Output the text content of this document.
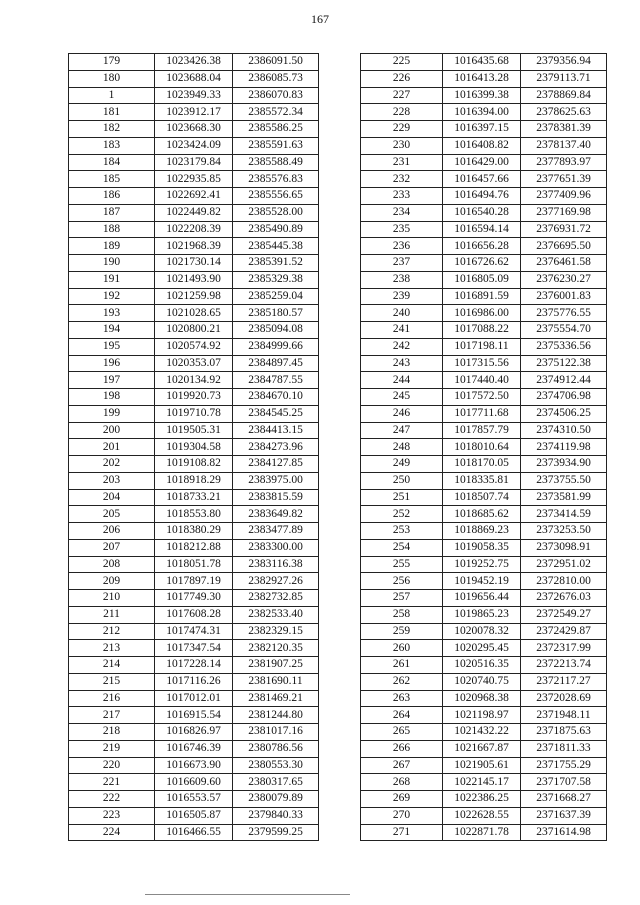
167
179	1023426.38	2386091.50
180	1023688.04	2386085.73
1	1023949.33	2386070.83
181	1023912.17	2385572.34
182	1023668.30	2385586.25
183	1023424.09	2385591.63
184	1023179.84	2385588.49
185	1022935.85	2385576.83
186	1022692.41	2385556.65
187	1022449.82	2385528.00
188	1022208.39	2385490.89
189	1021968.39	2385445.38
190	1021730.14	2385391.52
191	1021493.90	2385329.38
192	1021259.98	2385259.04
193	1021028.65	2385180.57
194	1020800.21	2385094.08
195	1020574.92	2384999.66
196	1020353.07	2384897.45
197	1020134.92	2384787.55
198	1019920.73	2384670.10
199	1019710.78	2384545.25
200	1019505.31	2384413.15
201	1019304.58	2384273.96
202	1019108.82	2384127.85
203	1018918.29	2383975.00
204	1018733.21	2383815.59
205	1018553.80	2383649.82
206	1018380.29	2383477.89
207	1018212.88	2383300.00
208	1018051.78	2383116.38
209	1017897.19	2382927.26
210	1017749.30	2382732.85
211	1017608.28	2382533.40
212	1017474.31	2382329.15
213	1017347.54	2382120.35
214	1017228.14	2381907.25
215	1017116.26	2381690.11
216	1017012.01	2381469.21
217	1016915.54	2381244.80
218	1016826.97	2381017.16
219	1016746.39	2380786.56
220	1016673.90	2380553.30
221	1016609.60	2380317.65
222	1016553.57	2380079.89
223	1016505.87	2379840.33
224	1016466.55	2379599.25
225	1016435.68	2379356.94
226	1016413.28	2379113.71
227	1016399.38	2378869.84
228	1016394.00	2378625.63
229	1016397.15	2378381.39
230	1016408.82	2378137.40
231	1016429.00	2377893.97
232	1016457.66	2377651.39
233	1016494.76	2377409.96
234	1016540.28	2377169.98
235	1016594.14	2376931.72
236	1016656.28	2376695.50
237	1016726.62	2376461.58
238	1016805.09	2376230.27
239	1016891.59	2376001.83
240	1016986.00	2375776.55
241	1017088.22	2375554.70
242	1017198.11	2375336.56
243	1017315.56	2375122.38
244	1017440.40	2374912.44
245	1017572.50	2374706.98
246	1017711.68	2374506.25
247	1017857.79	2374310.50
248	1018010.64	2374119.98
249	1018170.05	2373934.90
250	1018335.81	2373755.50
251	1018507.74	2373581.99
252	1018685.62	2373414.59
253	1018869.23	2373253.50
254	1019058.35	2373098.91
255	1019252.75	2372951.02
256	1019452.19	2372810.00
257	1019656.44	2372676.03
258	1019865.23	2372549.27
259	1020078.32	2372429.87
260	1020295.45	2372317.99
261	1020516.35	2372213.74
262	1020740.75	2372117.27
263	1020968.38	2372028.69
264	1021198.97	2371948.11
265	1021432.22	2371875.63
266	1021667.87	2371811.33
267	1021905.61	2371755.29
268	1022145.17	2371707.58
269	1022386.25	2371668.27
270	1022628.55	2371637.39
271	1022871.78	2371614.98
